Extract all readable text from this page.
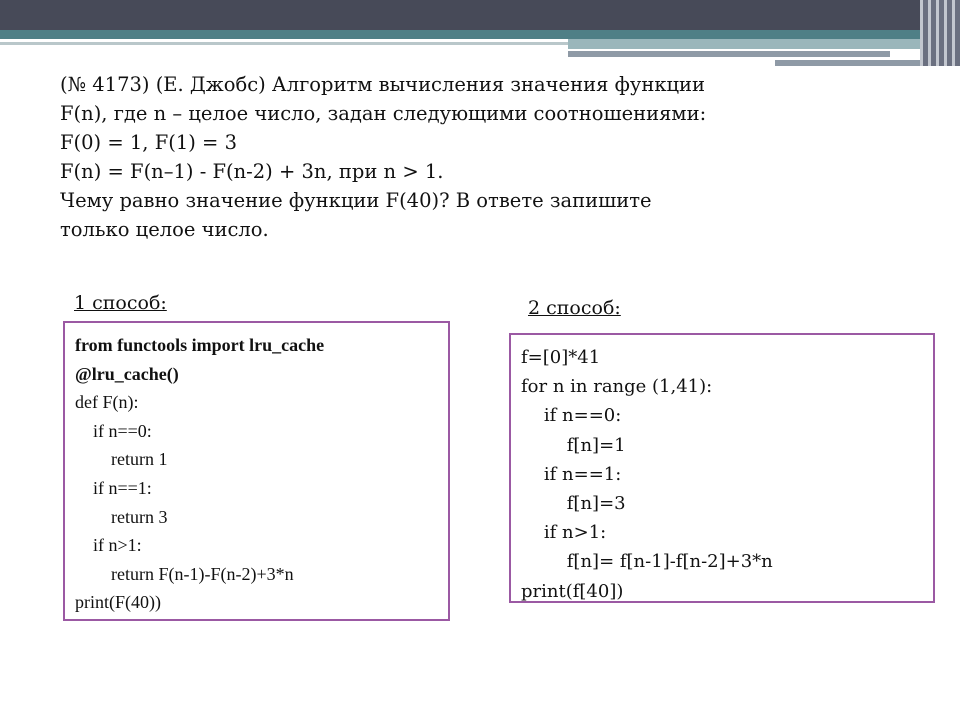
(№ 4173) (Е. Джобс) Алгоритм вычисления значения функции
F(n), где n – целое число, задан следующими соотношениями:
F(0) = 1, F(1) = 3
F(n) = F(n–1) - F(n-2) + 3n, при n > 1.
Чему равно значение функции F(40)? В ответе запишите
только целое число.
1 способ:	2 способ:
from functools import lru_cache
@lru_cache()
def F(n):
if n==0:
return 1
if n==1:
return 3
if n>1:
return F(n-1)-F(n-2)+3*n
print(F(40))
f=[0]*41
for n in range (1,41):
if n==0:
f[n]=1
if n==1:
f[n]=3
if n>1:
f[n]= f[n-1]-f[n-2]+3*n
print(f[40])
